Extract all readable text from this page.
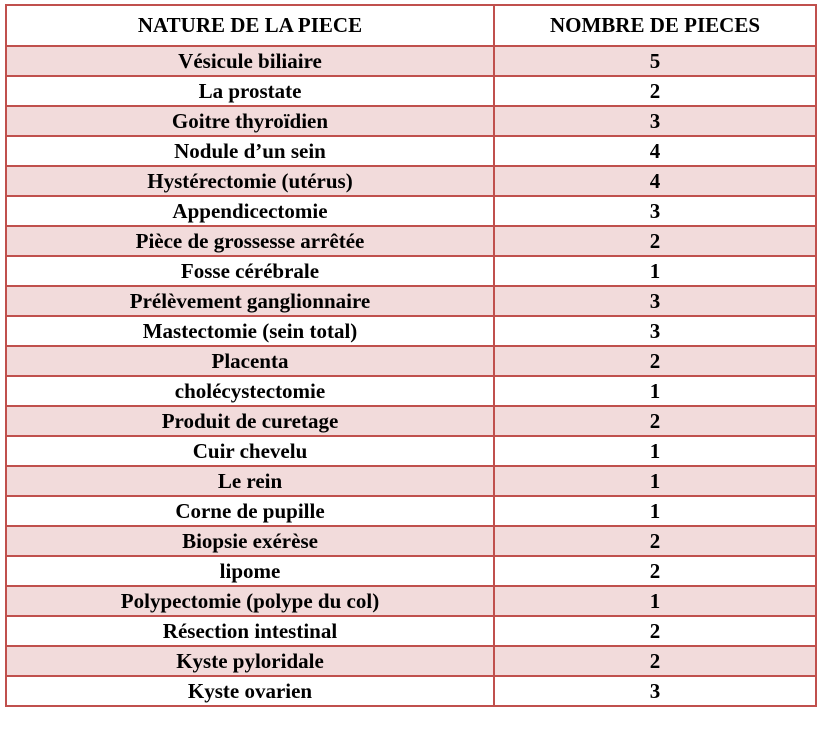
NATURE DE LA PIECE	NOMBRE DE PIECES
Vésicule biliaire	5
La prostate	2
Goitre thyroïdien	3
Nodule d’un sein	4
Hystérectomie (utérus)	4
Appendicectomie	3
Pièce de grossesse arrêtée	2
Fosse cérébrale	1
Prélèvement ganglionnaire	3
Mastectomie (sein total)	3
Placenta	2
cholécystectomie	1
Produit de curetage	2
Cuir chevelu	1
Le rein	1
Corne de pupille	1
Biopsie exérèse	2
lipome	2
Polypectomie (polype du col)	1
Résection intestinal	2
Kyste pyloridale	2
Kyste ovarien	3
